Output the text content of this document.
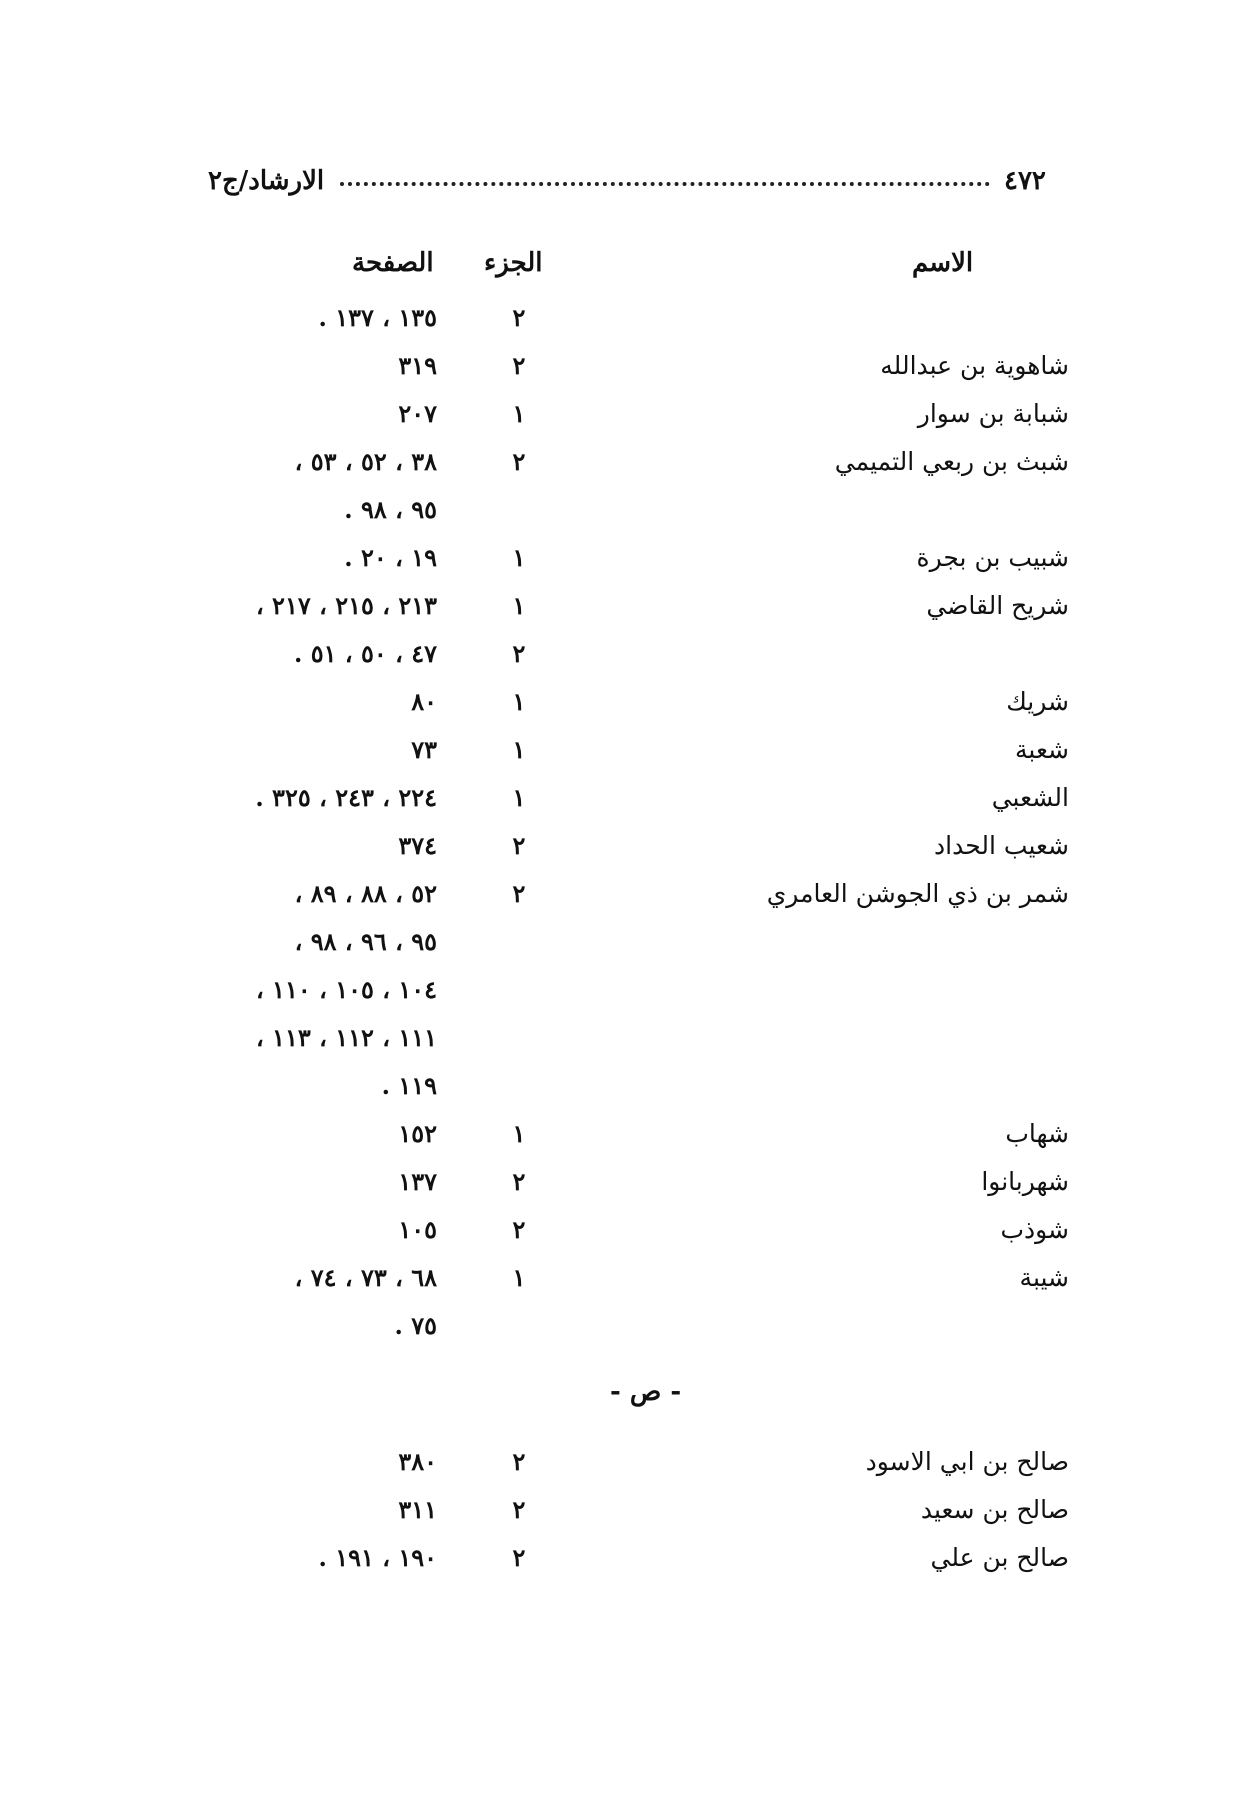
٤٧٢
الارشاد/ج٢
الاسم
الجزء
الصفحة
٢
١٣٥ ، ١٣٧ .
شاهوية بن عبدالله
٢
٣١٩
شبابة بن سوار
١
٢٠٧
شبث بن ربعي التميمي
٢
٣٨ ، ٥٢ ، ٥٣ ،
٩٥ ، ٩٨ .
شبيب بن بجرة
١
١٩ ، ٢٠ .
شريح القاضي
١
٢١٣ ، ٢١٥ ، ٢١٧ ،
٢
٤٧ ، ٥٠ ، ٥١ .
شريك
١
٨٠
شعبة
١
٧٣
الشعبي
١
٢٢٤ ، ٢٤٣ ، ٣٢٥ .
شعيب الحداد
٢
٣٧٤
شمر بن ذي الجوشن العامري
٢
٥٢ ، ٨٨ ، ٨٩ ،
٩٥ ، ٩٦ ، ٩٨ ،
١٠٤ ، ١٠٥ ، ١١٠ ،
١١١ ، ١١٢ ، ١١٣ ،
١١٩ .
شهاب
١
١٥٢
شهربانوا
٢
١٣٧
شوذب
٢
١٠٥
شيبة
١
٦٨ ، ٧٣ ، ٧٤ ،
٧٥ .
- ص -
صالح بن ابي الاسود
٢
٣٨٠
صالح بن سعيد
٢
٣١١
صالح بن علي
٢
١٩٠ ، ١٩١ .
